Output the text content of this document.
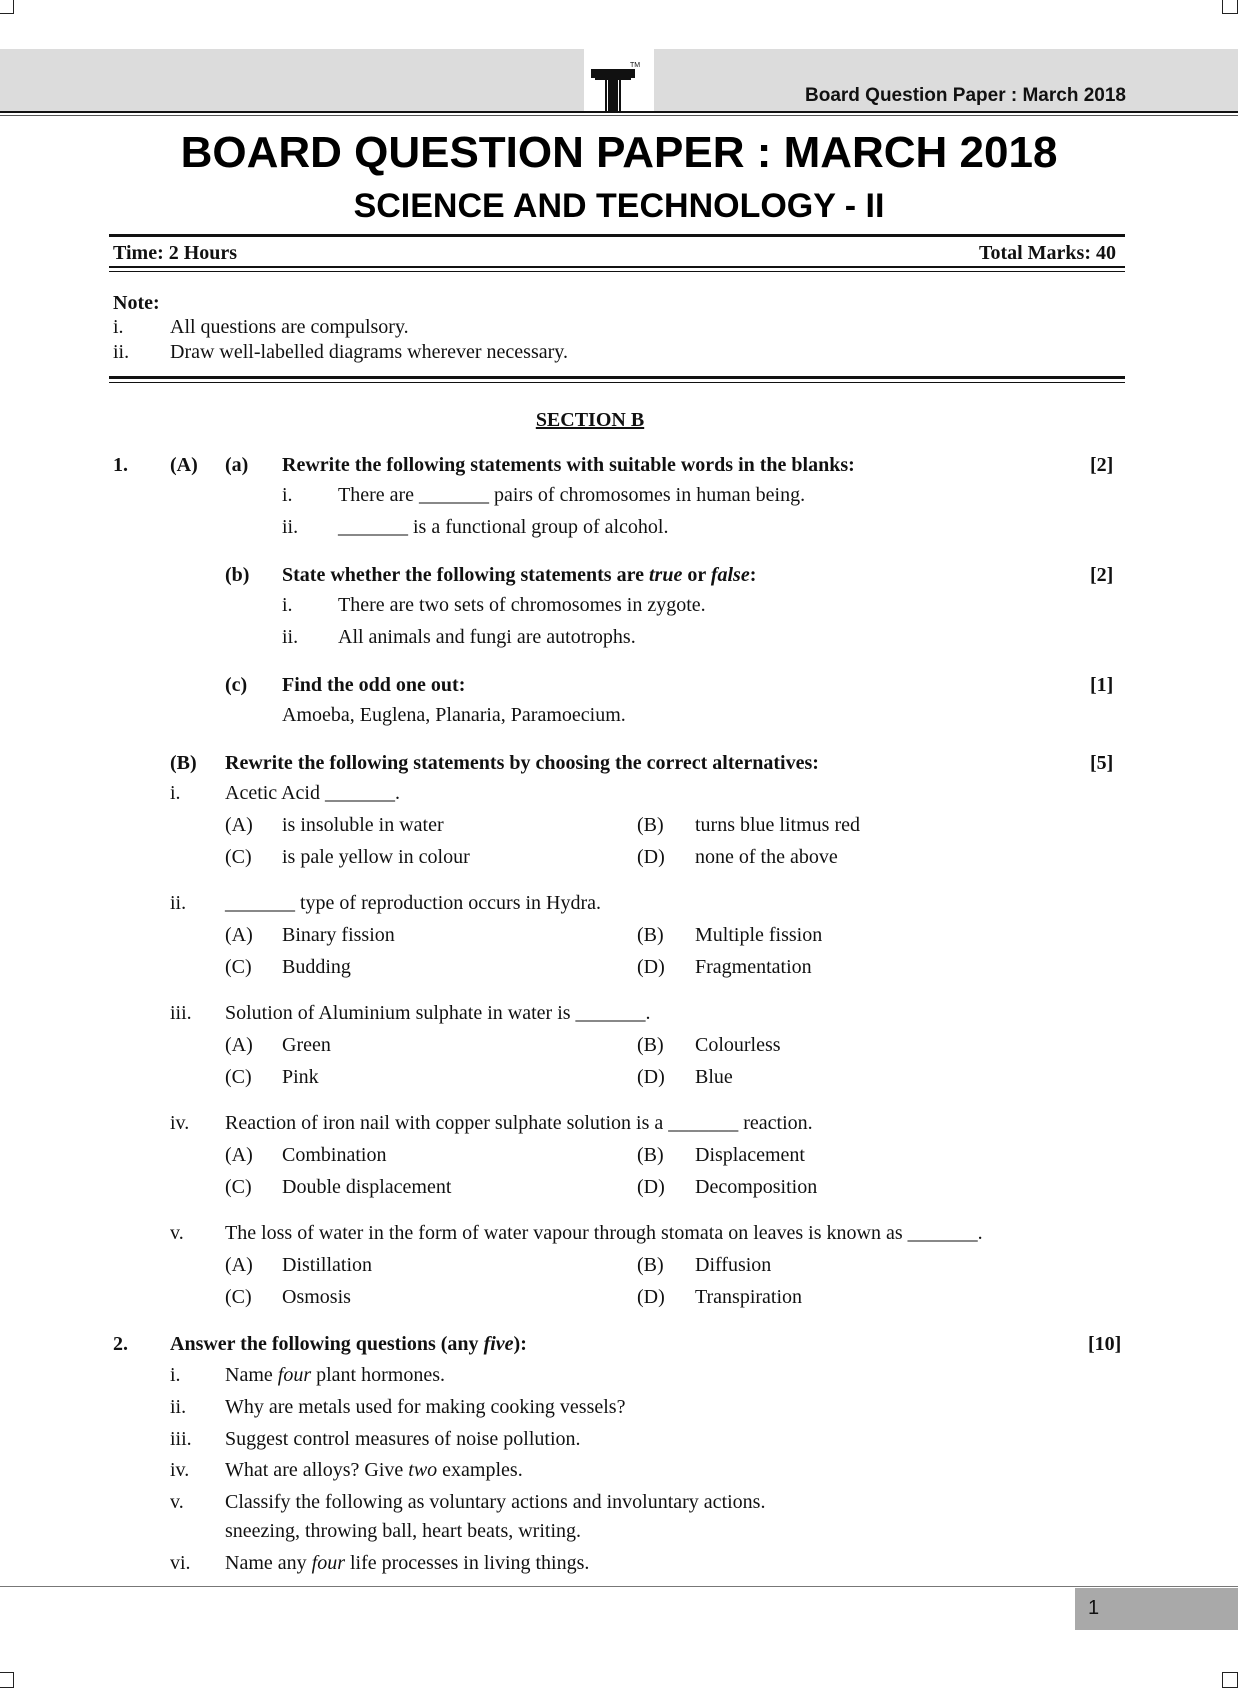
TM
Board Question Paper : March 2018
BOARD QUESTION PAPER : MARCH 2018
SCIENCE AND TECHNOLOGY - II
Time: 2 Hours	Total Marks: 40
Note:
i. All questions are compulsory.
ii. Draw well-labelled diagrams wherever necessary.
SECTION B
1. (A) (a) Rewrite the following statements with suitable words in the blanks:	[2]
i. There are _______ pairs of chromosomes in human being.
ii. _______ is a functional group of alcohol.
(b) State whether the following statements are true or false:	[2]
i. There are two sets of chromosomes in zygote.
ii. All animals and fungi are autotrophs.
(c) Find the odd one out:	[1]
Amoeba, Euglena, Planaria, Paramoecium.
(B) Rewrite the following statements by choosing the correct alternatives:	[5]
i. Acetic Acid _______.
(A) is insoluble in water	(B) turns blue litmus red
(C) is pale yellow in colour	(D) none of the above
ii. _______ type of reproduction occurs in Hydra.
(A) Binary fission	(B) Multiple fission
(C) Budding	(D) Fragmentation
iii. Solution of Aluminium sulphate in water is _______.
(A) Green	(B) Colourless
(C) Pink	(D) Blue
iv. Reaction of iron nail with copper sulphate solution is a _______ reaction.
(A) Combination	(B) Displacement
(C) Double displacement	(D) Decomposition
v. The loss of water in the form of water vapour through stomata on leaves is known as _______.
(A) Distillation	(B) Diffusion
(C) Osmosis	(D) Transpiration
2. Answer the following questions (any five):	[10]
i. Name four plant hormones.
ii. Why are metals used for making cooking vessels?
iii. Suggest control measures of noise pollution.
iv. What are alloys? Give two examples.
v. Classify the following as voluntary actions and involuntary actions.
sneezing, throwing ball, heart beats, writing.
vi. Name any four life processes in living things.
1
